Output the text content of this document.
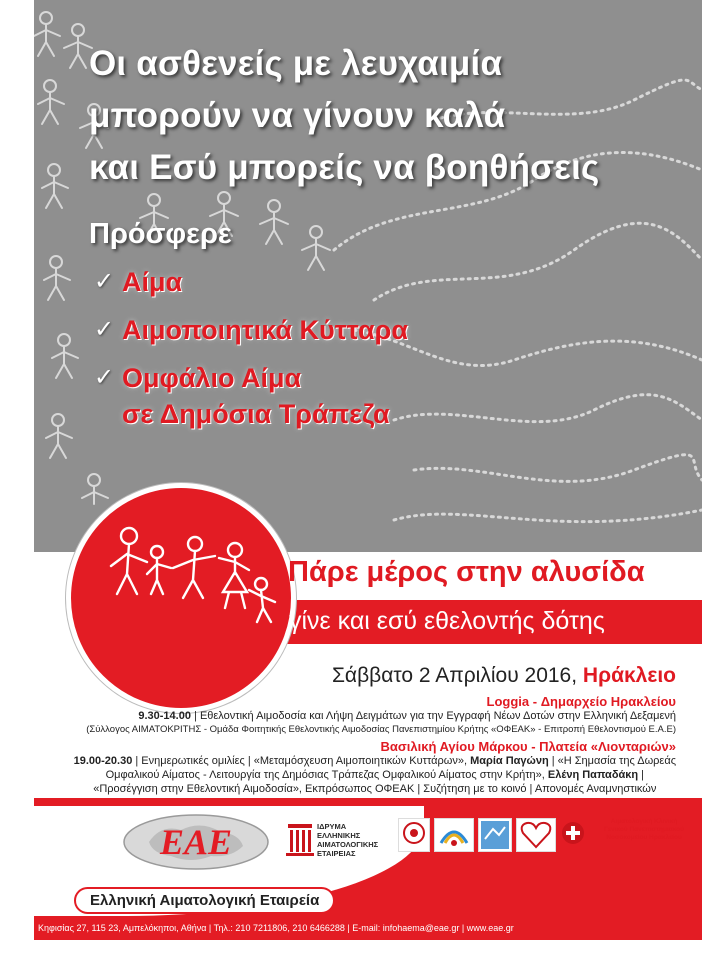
Οι ασθενείς με λευχαιμία
μπορούν να γίνουν καλά
και Εσύ μπορείς να βοηθήσεις
Πρόσφερε
✓ Αίμα
✓ Αιμοποιητικά Κύτταρα
✓ Ομφάλιο Αίμα
σε Δημόσια Τράπεζα
Πάρε μέρος στην αλυσίδα
γίνε και εσύ εθελοντής δότης
Σάββατο 2 Απριλίου 2016, Ηράκλειο
Loggia - Δημαρχείο Ηρακλείου
9.30-14.00 | Εθελοντική Αιμοδοσία και Λήψη Δειγμάτων για την Εγγραφή Νέων Δοτών στην Ελληνική Δεξαμενή
(Σύλλογος ΑΙΜΑΤΟΚΡΙΤΗΣ - Ομάδα Φοιτητικής Εθελοντικής Αιμοδοσίας Πανεπιστημίου Κρήτης «ΟΦΕΑΚ» - Επιτροπή Εθελοντισμού Ε.Α.Ε)
Βασιλική Αγίου Μάρκου - Πλατεία «Λιονταριών»
19.00-20.30 | Ενημερωτικές ομιλίες | «Μεταμόσχευση Αιμοποιητικών Κυττάρων», Μαρία Παγώνη | «Η Σημασία της Δωρεάς
Ομφαλικού Αίματος - Λειτουργία της Δημόσιας Τράπεζας Ομφαλικού Αίματος στην Κρήτη», Ελένη Παπαδάκη |
«Προσέγγιση στην Εθελοντική Αιμοδοσία», Εκπρόσωπος ΟΦΕΑΚ | Συζήτηση με το κοινό | Απονομές Αναμνηστικών
ΕΑΕ	ΙΔΡΥΜΑ
ΕΛΛΗΝΙΚΗΣ
ΑΙΜΑΤΟΛΟΓΙΚΗΣ
ΕΤΑΙΡΕΙΑΣ
Αιματολογική Κλινική
Γενικού Πανεπιστημιακού
Νοσοκομείου Ηρακλείου
Ελληνική Αιματολογική Εταιρεία
Κηφισίας 27, 115 23, Αμπελόκηποι, Αθήνα | Τηλ.: 210 7211806, 210 6466288 | E-mail: infohaema@eae.gr | www.eae.gr
